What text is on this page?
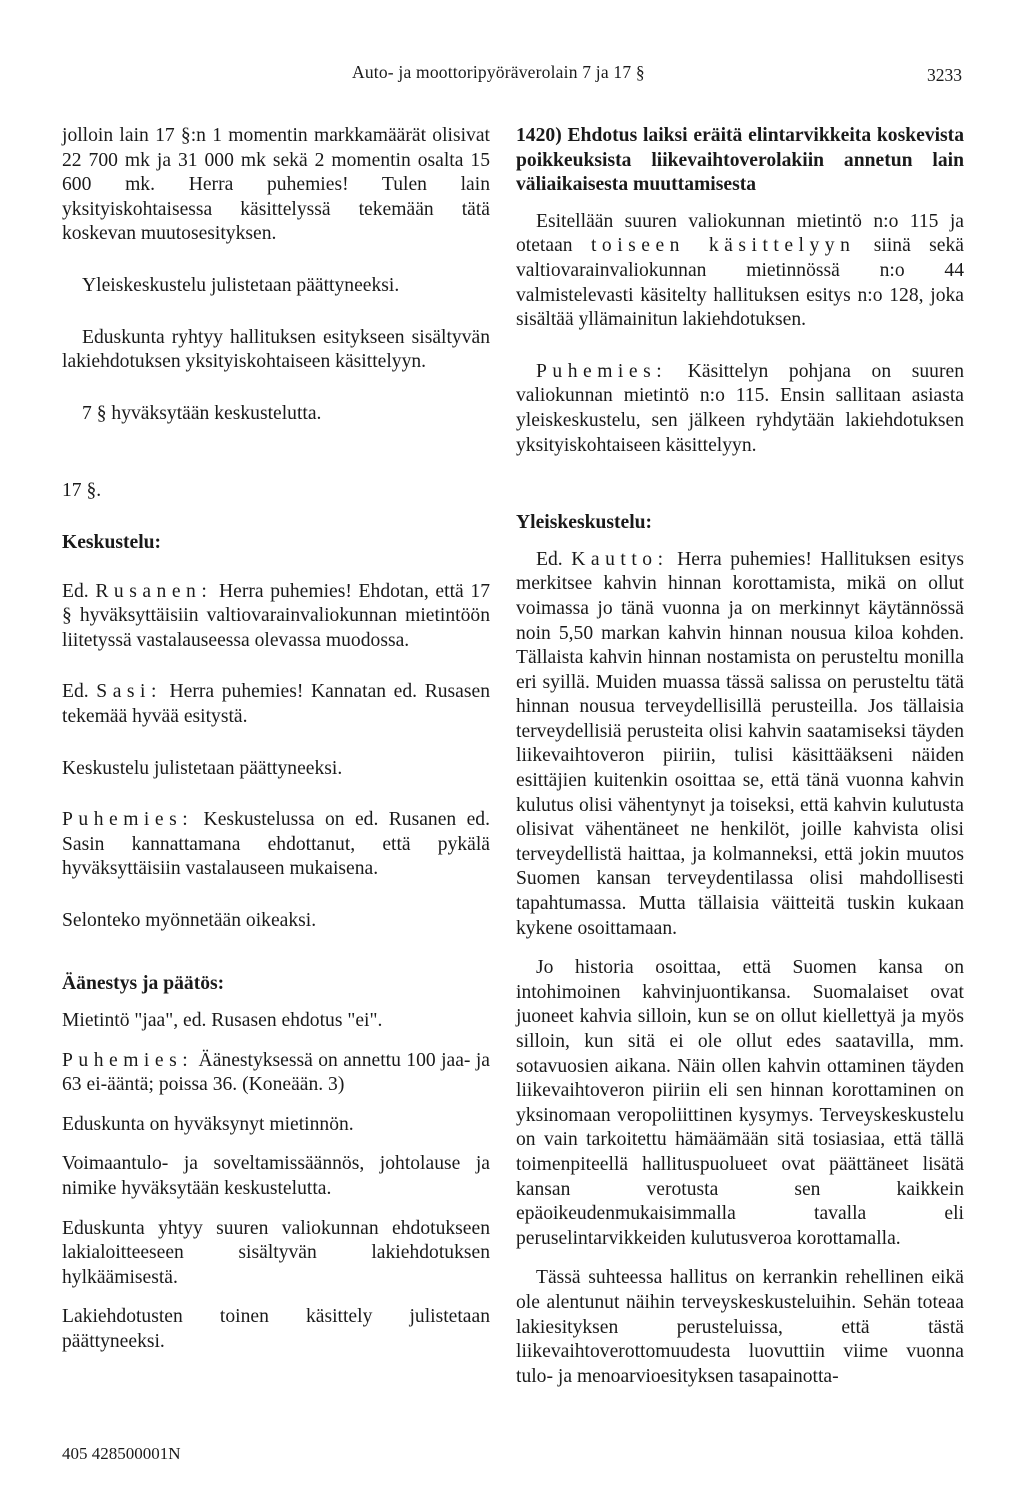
Auto- ja moottoripyöräverolain 7 ja 17 §	3233

jolloin lain 17 §:n 1 momentin markkamäärät olisivat 22 700 mk ja 31 000 mk sekä 2 momentin osalta 15 600 mk. Herra puhemies! Tulen lain yksityiskohtaisessa käsittelyssä tekemään tätä koskevan muutosesityksen.

Yleiskeskustelu julistetaan päättyneeksi.

Eduskunta ryhtyy hallituksen esitykseen sisältyvän lakiehdotuksen yksityiskohtaiseen käsittelyyn.

7 § hyväksytään keskustelutta.

17 §.

Keskustelu:

Ed. Rusanen: Herra puhemies! Ehdotan, että 17 § hyväksyttäisiin valtiovarainvaliokunnan mietintöön liitetyssä vastalauseessa olevassa muodossa.

Ed. Sasi: Herra puhemies! Kannatan ed. Rusasen tekemää hyvää esitystä.

Keskustelu julistetaan päättyneeksi.

Puhemies: Keskustelussa on ed. Rusanen ed. Sasin kannattamana ehdottanut, että pykälä hyväksyttäisiin vastalauseen mukaisena.

Selonteko myönnetään oikeaksi.

Äänestys ja päätös:

Mietintö "jaa", ed. Rusasen ehdotus "ei".

Puhemies: Äänestyksessä on annettu 100 jaa- ja 63 ei-ääntä; poissa 36. (Koneään. 3)

Eduskunta on hyväksynyt mietinnön.

Voimaantulo- ja soveltamissäännös, johtolause ja nimike hyväksytään keskustelutta.

Eduskunta yhtyy suuren valiokunnan ehdotukseen lakialoitteeseen sisältyvän lakiehdotuksen hylkäämisestä.

Lakiehdotusten toinen käsittely julistetaan päättyneeksi.

1420) Ehdotus laiksi eräitä elintarvikkeita koskevista poikkeuksista liikevaihtoverolakiin annetun lain väliaikaisesta muuttamisesta

Esitellään suuren valiokunnan mietintö n:o 115 ja otetaan toiseen käsittelyyn siinä sekä valtiovarainvaliokunnan mietinnössä n:o 44 valmistelevasti käsitelty hallituksen esitys n:o 128, joka sisältää yllämainitun lakiehdotuksen.

Puhemies: Käsittelyn pohjana on suuren valiokunnan mietintö n:o 115. Ensin sallitaan asiasta yleiskeskustelu, sen jälkeen ryhdytään lakiehdotuksen yksityiskohtaiseen käsittelyyn.

Yleiskeskustelu:

Ed. Kautto: Herra puhemies! Hallituksen esitys merkitsee kahvin hinnan korottamista, mikä on ollut voimassa jo tänä vuonna ja on merkinnyt käytännössä noin 5,50 markan kahvin hinnan nousua kiloa kohden. Tällaista kahvin hinnan nostamista on perusteltu monilla eri syillä. Muiden muassa tässä salissa on perusteltu tätä hinnan nousua terveydellisillä perusteilla. Jos tällaisia terveydellisiä perusteita olisi kahvin saatamiseksi täyden liikevaihtoveron piiriin, tulisi käsittääkseni näiden esittäjien kuitenkin osoittaa se, että tänä vuonna kahvin kulutus olisi vähentynyt ja toiseksi, että kahvin kulutusta olisivat vähentäneet ne henkilöt, joille kahvista olisi terveydellistä haittaa, ja kolmanneksi, että jokin muutos Suomen kansan terveydentilassa olisi mahdollisesti tapahtumassa. Mutta tällaisia väitteitä tuskin kukaan kykene osoittamaan.

Jo historia osoittaa, että Suomen kansa on intohimoinen kahvinjuontikansa. Suomalaiset ovat juoneet kahvia silloin, kun se on ollut kiellettyä ja myös silloin, kun sitä ei ole ollut edes saatavilla, mm. sotavuosien aikana. Näin ollen kahvin ottaminen täyden liikevaihtoveron piiriin eli sen hinnan korottaminen on yksinomaan veropoliittinen kysymys. Terveyskeskustelu on vain tarkoitettu hämäämään sitä tosiasiaa, että tällä toimenpiteellä hallituspuolueet ovat päättäneet lisätä kansan verotusta sen kaikkein epäoikeudenmukaisimmalla tavalla eli peruselintarvikkeiden kulutusveroa korottamalla.

Tässä suhteessa hallitus on kerrankin rehellinen eikä ole alentunut näihin terveyskeskusteluihin. Sehän toteaa lakiesityksen perusteluissa, että tästä liikevaihtoverottomuudesta luovuttiin viime vuonna tulo- ja menoarvioesityksen tasapainotta-

405 428500001N
